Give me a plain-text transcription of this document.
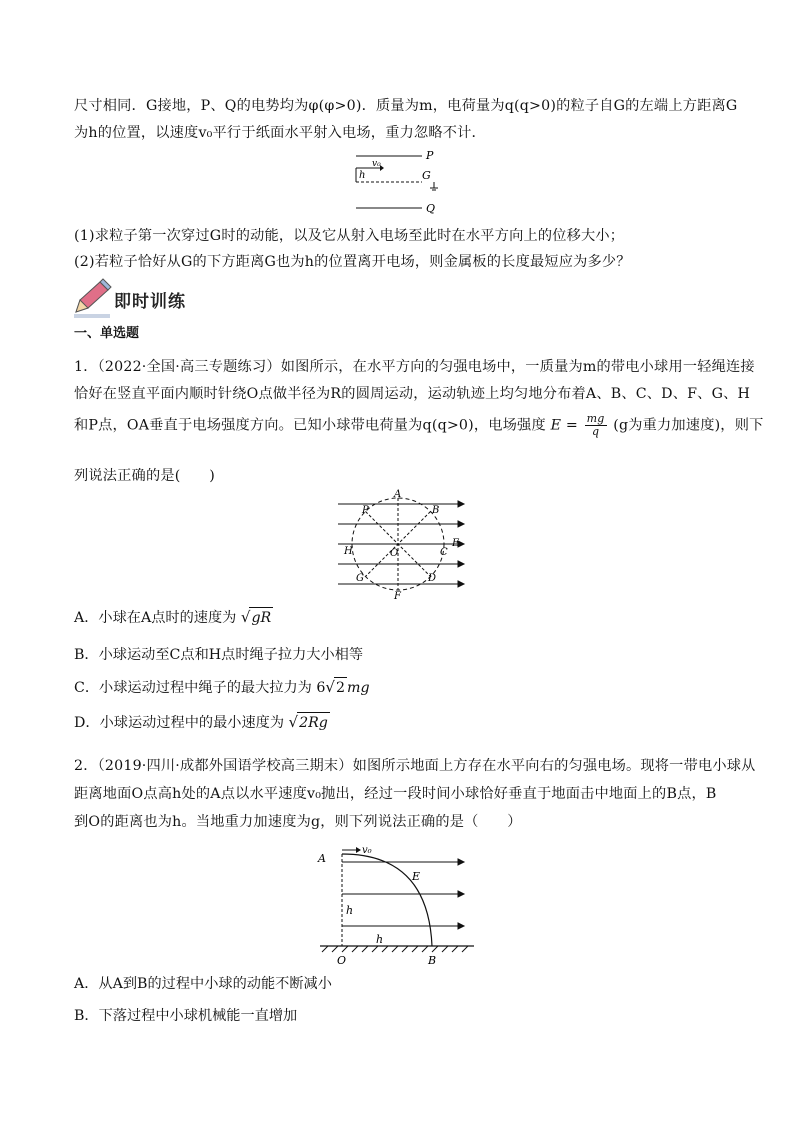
尺寸相同．G接地，P、Q的电势均为φ(φ>0)．质量为m，电荷量为q(q>0)的粒子自G的左端上方距离G
为h的位置，以速度v₀平行于纸面水平射入电场，重力忽略不计．
P
v₀
h	G
Q
(1)求粒子第一次穿过G时的动能，以及它从射入电场至此时在水平方向上的位移大小；
(2)若粒子恰好从G的下方距离G也为h的位置离开电场，则金属板的长度最短应为多少？
即时训练
一、单选题
1．（2022·全国·高三专题练习）如图所示，在水平方向的匀强电场中，一质量为m的带电小球用一轻绳连接
恰好在竖直平面内顺时针绕O点做半径为R的圆周运动，运动轨迹上均匀地分布着A、B、C、D、F、G、H
和P点，OA垂直于电场强度方向。已知小球带电荷量为q(q>0)，电场强度 $E = \frac{mg}{q} (g$为重力加速度)，则下
列说法正确的是(　　)
A
B
C
D
E
F
G
H	O
P
A．小球在A点时的速度为 √gR
B．小球运动至C点和H点时绳子拉力大小相等
C．小球运动过程中绳子的最大拉力为 6√2 mg
D．小球运动过程中的最小速度为 √2Rg
2．（2019·四川·成都外国语学校高三期末）如图所示地面上方存在水平向右的匀强电场。现将一带电小球从
距离地面O点高h处的A点以水平速度v₀抛出，经过一段时间小球恰好垂直于地面击中地面上的B点，B
到O的距离也为h。当地重力加速度为g，则下列说法正确的是（　　）
A
v₀
E
h
h
O	B
A．从A到B的过程中小球的动能不断减小
B．下落过程中小球机械能一直增加
